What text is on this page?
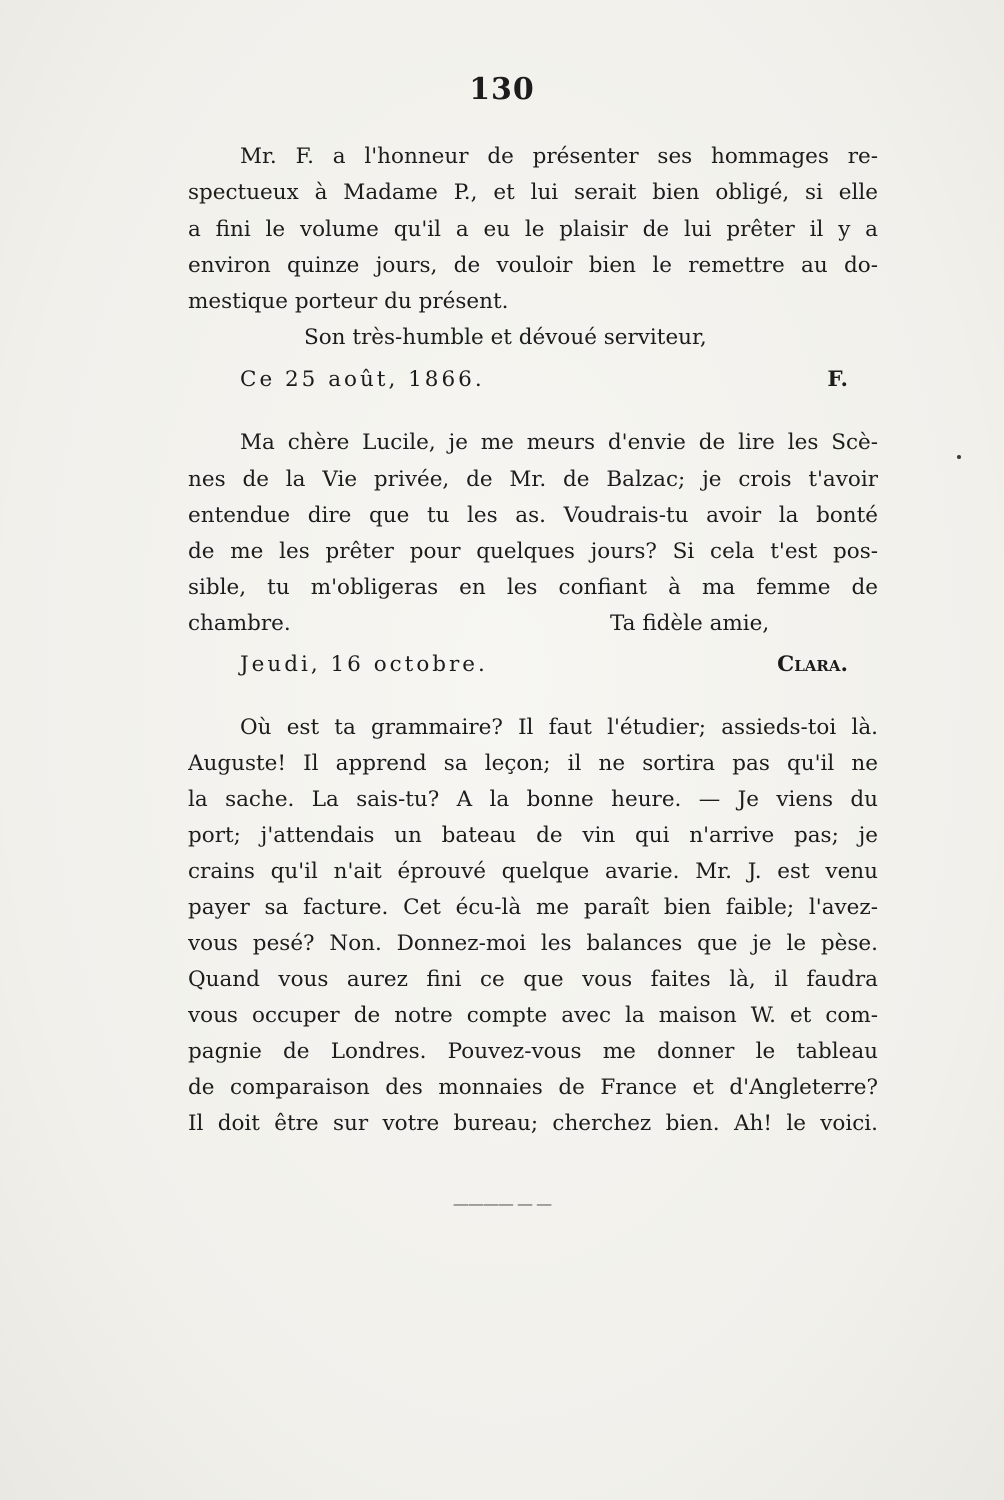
130
Mr. F. a l'honneur de présenter ses hommages re-
spectueux à Madame P., et lui serait bien obligé, si elle
a fini le volume qu'il a eu le plaisir de lui prêter il y a
environ quinze jours, de vouloir bien le remettre au do-
mestique porteur du présent.
Son très-humble et dévoué serviteur,
Ce 25 août, 1866.	F.
Ma chère Lucile, je me meurs d'envie de lire les Scè-
nes de la Vie privée, de Mr. de Balzac; je crois t'avoir
entendue dire que tu les as. Voudrais-tu avoir la bonté
de me les prêter pour quelques jours? Si cela t'est pos-
sible, tu m'obligeras en les confiant à ma femme de
chambre.	Ta fidèle amie,
Jeudi, 16 octobre.	Clara.
Où est ta grammaire? Il faut l'étudier; assieds-toi là.
Auguste! Il apprend sa leçon; il ne sortira pas qu'il ne
la sache. La sais-tu? A la bonne heure. — Je viens du
port; j'attendais un bateau de vin qui n'arrive pas; je
crains qu'il n'ait éprouvé quelque avarie. Mr. J. est venu
payer sa facture. Cet écu-là me paraît bien faible; l'avez-
vous pesé? Non. Donnez-moi les balances que je le pèse.
Quand vous aurez fini ce que vous faites là, il faudra
vous occuper de notre compte avec la maison W. et com-
pagnie de Londres. Pouvez-vous me donner le tableau
de comparaison des monnaies de France et d'Angleterre?
Il doit être sur votre bureau; cherchez bien. Ah! le voici.
———— — —
